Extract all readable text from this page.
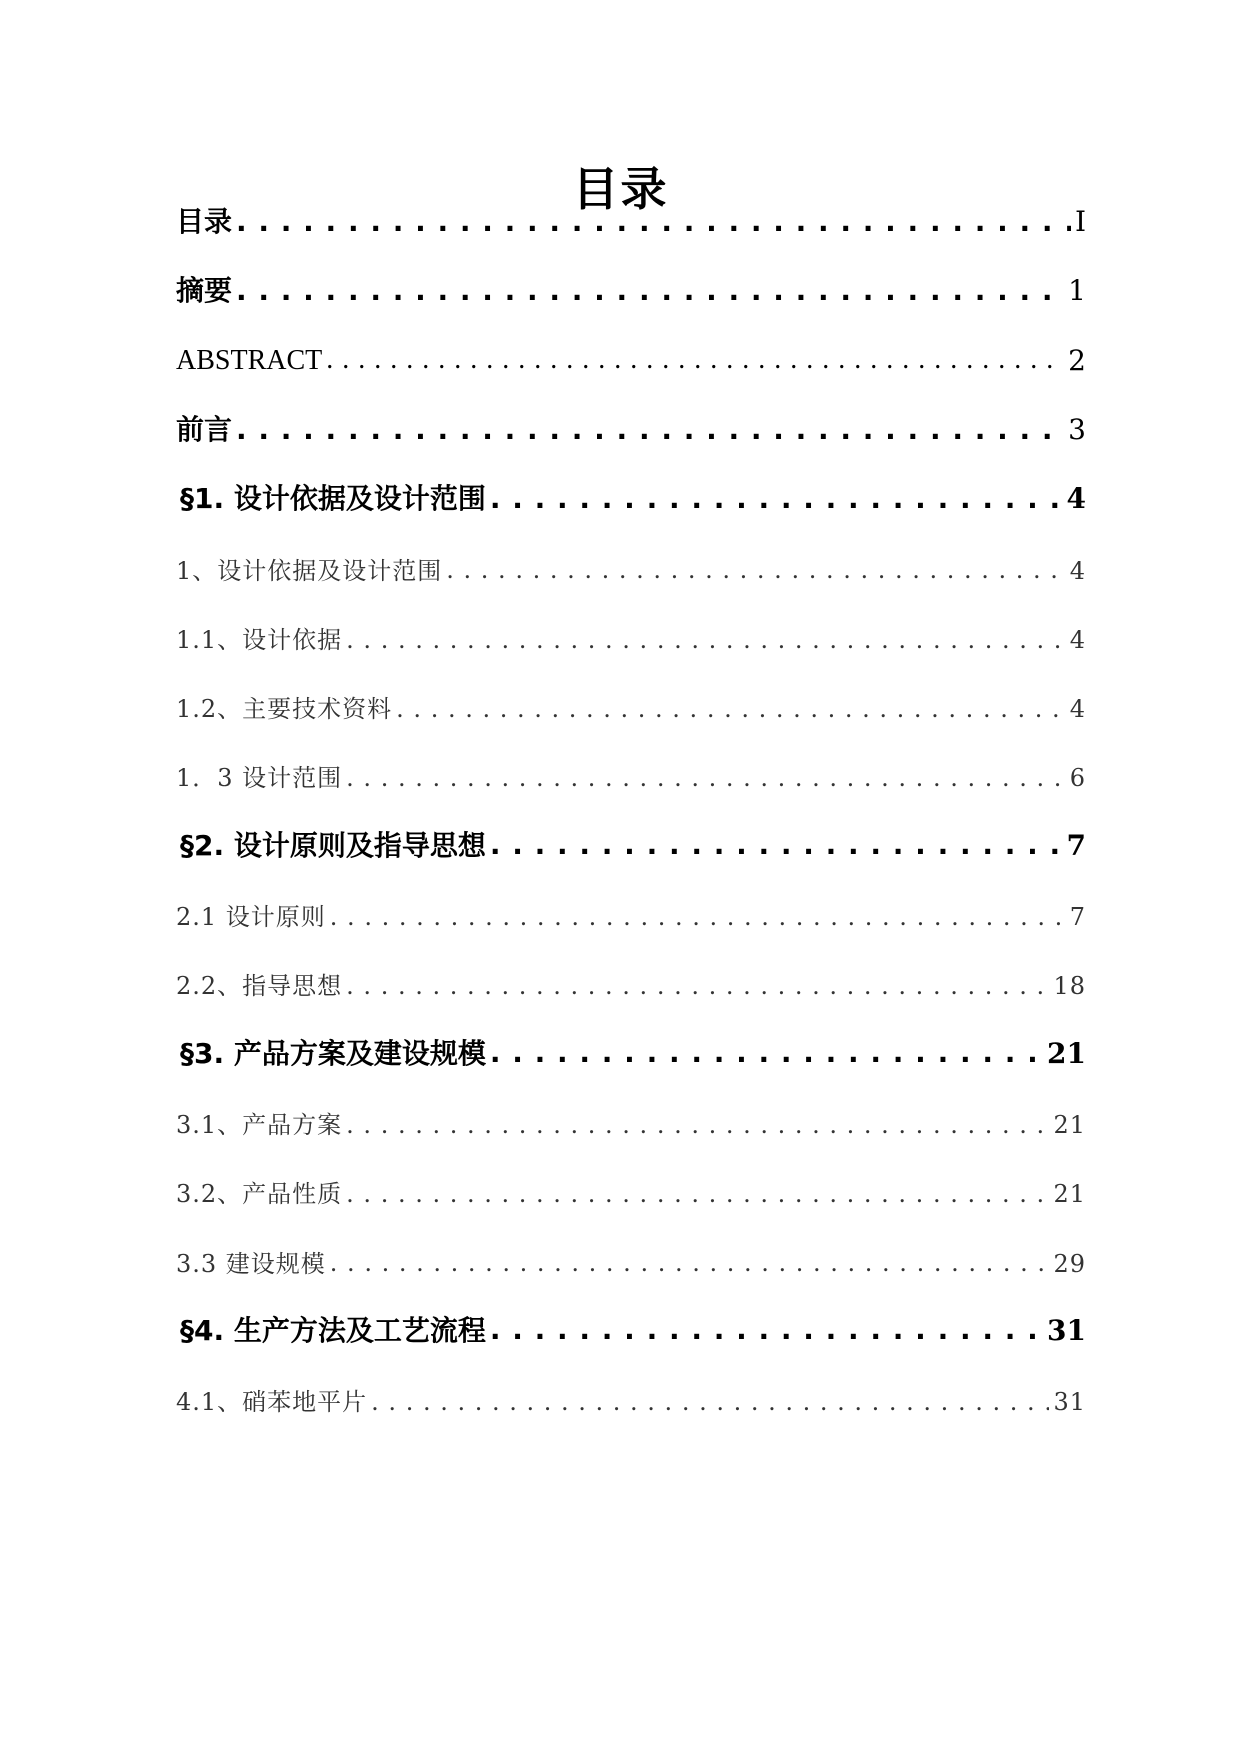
目录
目录 . . .	I
摘要 . . .	1
ABSTRACT . . .	2
前言 . . .	3
§1. 设计依据及设计范围 . . .	4
1、设计依据及设计范围 . . .	4
1.1、设计依据 . . .	4
1.2、主要技术资料 . . .	4
1．3 设计范围 . . .	6
§2. 设计原则及指导思想 . . .	7
2.1 设计原则 . . .	7
2.2、指导思想 . . .	18
§3. 产品方案及建设规模 . . .	21
3.1、产品方案 . . .	21
3.2、产品性质 . . .	21
3.3 建设规模 . . .	29
§4. 生产方法及工艺流程 . . .	31
4.1、硝苯地平片 . . .	31
